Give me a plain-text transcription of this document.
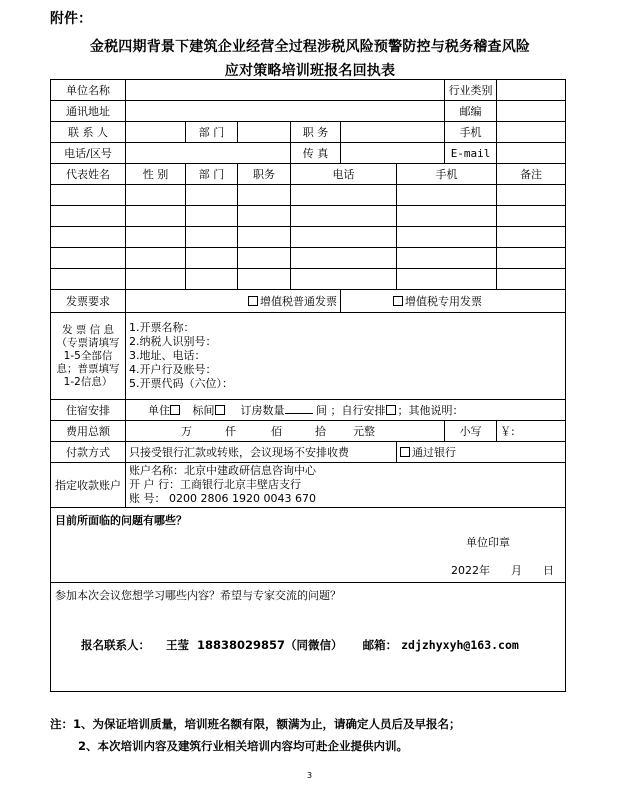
附件：
金税四期背景下建筑企业经营全过程涉税风险预警防控与税务稽查风险
应对策略培训班报名回执表
单位名称							行业类别	
通讯地址							邮编	
联 系 人		部 门		职 务			手机	
电话/区号				传 真			E-mail	
代表姓名	性 别	部 门	职务	电话		手机		备注

发票要求	增值税普通发票				增值税专用发票			
发 票 信 息（专票请填写1-5全部信息；普票填写1-2信息）	1.开票名称：
2.纳税人识别号：
3.地址、电话：
4.开户行及账号：
5.开票代码（六位）：							

住宿安排	单住 标间 订房数量 间 ；自行安排 ；其他说明：							
费用总额	万 仟 佰 拾 元整						小写	￥:
付款方式	只接受银行汇款或转账，会议现场不安排收费					通过银行		
指定收款账户	账户名称：北京中建政研信息咨询中心
开 户 行：工商银行北京丰壁店支行
账 号： 0200 2806 1920 0043 670							

目前所面临的问题有哪些？
单位印章
2022年 月 日								

参加本次会议您想学习哪些内容？希望与专家交流的问题？
报名联系人： 王莹 18838029857（同微信） 邮箱： zdjzhyxyh@163.com								
注：1、为保证培训质量，培训班名额有限，额满为止，请确定人员后及早报名；
2、本次培训内容及建筑行业相关培训内容均可赴企业提供内训。
3
